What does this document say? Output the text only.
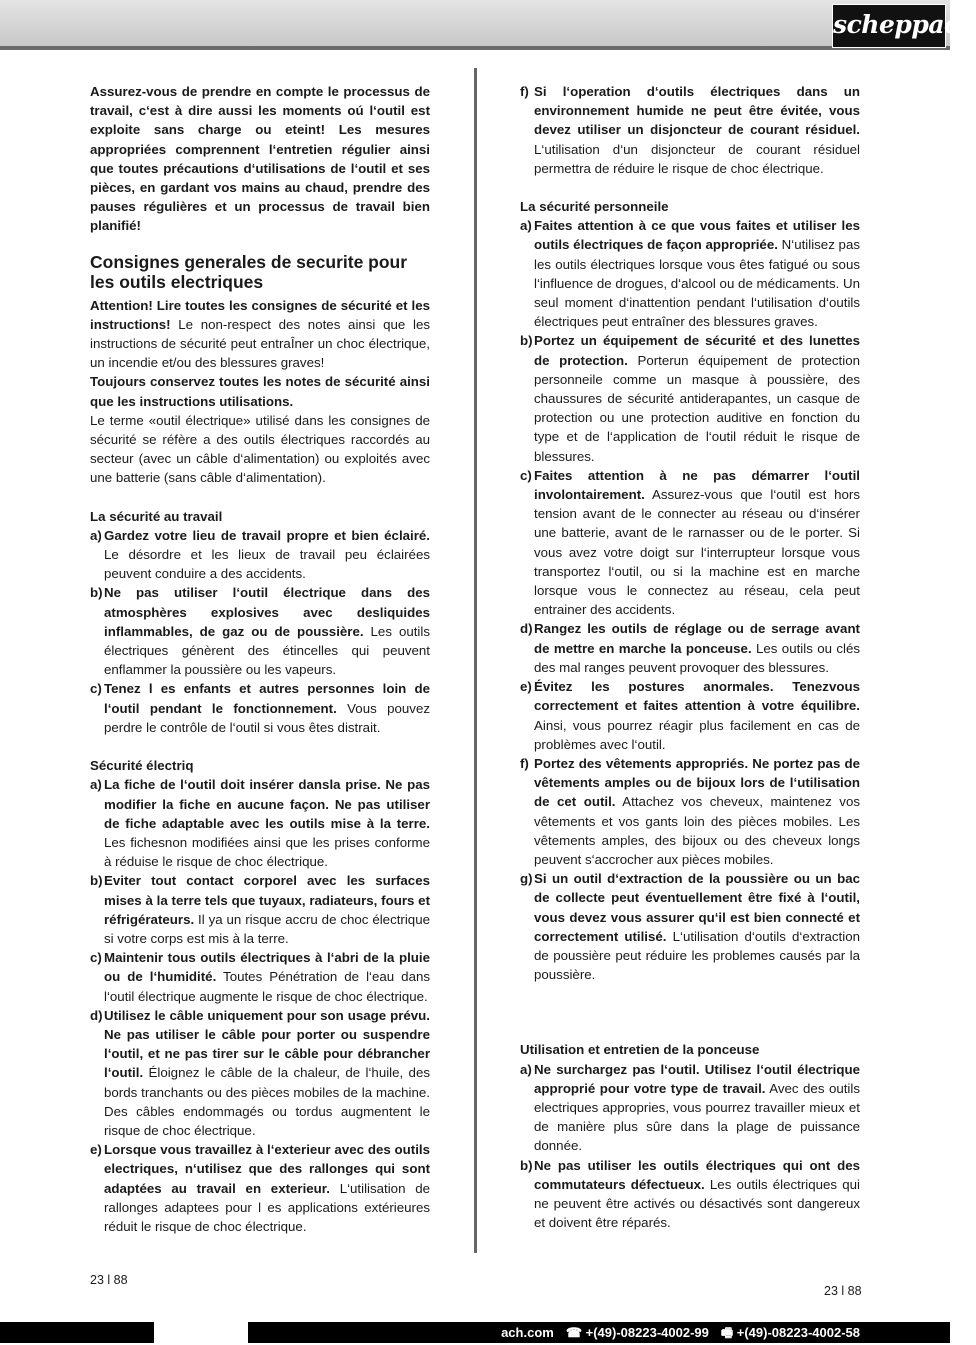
scheppach

Assurez-vous de prendre en compte le processus de travail, c‘est à dire aussi les moments oú l‘outil est exploite sans charge ou eteint! Les mesures appropriées comprennent l‘entretien régulier ainsi que toutes précautions d‘utilisations de l‘outil et ses pièces, en gardant vos mains au chaud, prendre des pauses régulières et un processus de travail bien planifié!

Consignes generales de securite pour les outils electriques

Attention! Lire toutes les consignes de sécurité et les instructions! Le non-respect des notes ainsi que les instructions de sécurité peut entraÎner un choc électrique, un incendie et/ou des blessures graves!

Toujours conservez toutes les notes de sécurité ainsi que les instructions utilisations.

Le terme «outil électrique» utilisé dans les consignes de sécurité se réfère a des outils électriques raccordés au secteur (avec un câble d‘alimentation) ou exploités avec une batterie (sans câble d‘alimentation).

La sécurité au travail
a) Gardez votre lieu de travail propre et bien éclairé. Le désordre et les lieux de travail peu éclairées peuvent conduire a des accidents.
b) Ne pas utiliser l‘outil électrique dans des atmosphères explosives avec desliquides inflammables, de gaz ou de poussière. Les outils électriques génèrent des étincelles qui peuvent enflammer la poussière ou les vapeurs.
c) Tenez l es enfants et autres personnes loin de l‘outil pendant le fonctionnement. Vous pouvez perdre le contrôle de l‘outil si vous êtes distrait.
Sécurité électriq
a) La fiche de l‘outil doit insérer dansla prise. Ne pas modifier la fiche en aucune façon. Ne pas utiliser de fiche adaptable avec les outils mise à la terre. Les fichesnon modifiées ainsi que les prises conforme à réduise le risque de choc électrique.
b) Eviter tout contact corporel avec les surfaces mises à la terre tels que tuyaux, radiateurs, fours et réfrigérateurs. Il ya un risque accru de choc électrique si votre corps est mis à la terre.
c) Maintenir tous outils électriques à l‘abri de la pluie ou de l‘humidité. Toutes Pénétration de l‘eau dans l‘outil électrique augmente le risque de choc électrique.
d) Utilisez le câble uniquement pour son usage prévu. Ne pas utiliser le câble pour porter ou suspendre l‘outil, et ne pas tirer sur le câble pour débrancher l‘outil. Éloignez le câble de la chaleur, de l‘huile, des bords tranchants ou des pièces mobiles de la machine. Des câbles endommagés ou tordus augmentent le risque de choc électrique.
e) Lorsque vous travaillez à l‘exterieur avec des outils electriques, n‘utilisez que des rallonges qui sont adaptées au travail en exterieur. L‘utilisation de rallonges adaptees pour l es applications extérieures réduit le risque de choc électrique.
f) Si l‘operation d‘outils électriques dans un environnement humide ne peut être évitée, vous devez utiliser un disjoncteur de courant résiduel. L‘utilisation d‘un disjoncteur de courant résiduel permettra de réduire le risque de choc électrique.
La sécurité personneile
a) Faites attention à ce que vous faites et utiliser les outils électriques de façon appropriée. N‘utilisez pas les outils électriques lorsque vous êtes fatigué ou sous l‘influence de drogues, d‘alcool ou de médicaments. Un seul moment d‘inattention pendant l‘utilisation d‘outils électriques peut entraîner des blessures graves.
b) Portez un équipement de sécurité et des lunettes de protection. Porterun équipement de protection personneile comme un masque à poussière, des chaussures de sécurité antiderapantes, un casque de protection ou une protection auditive en fonction du type et de l‘application de l‘outil réduit le risque de blessures.
c) Faites attention à ne pas démarrer l‘outil involontairement. Assurez-vous que l‘outil est hors tension avant de le connecter au réseau ou d‘insérer une batterie, avant de le rarnasser ou de le porter. Si vous avez votre doigt sur l‘interrupteur lorsque vous transportez l‘outil, ou si la machine est en marche lorsque vous le connectez au réseau, cela peut entrainer des accidents.
d) Rangez les outils de réglage ou de serrage avant de mettre en marche la ponceuse. Les outils ou clés des mal ranges peuvent provoquer des blessures.
e) Évitez les postures anormales. Tenezvous correctement et faites attention à votre équilibre. Ainsi, vous pourrez réagir plus facilement en cas de problèmes avec l‘outil.
f) Portez des vêtements appropriés. Ne portez pas de vêtements amples ou de bijoux lors de l‘utilisation de cet outil. Attachez vos cheveux, maintenez vos vêtements et vos gants loin des pièces mobiles. Les vêtements amples, des bijoux ou des cheveux longs peuvent s‘accrocher aux pièces mobiles.
g) Si un outil d‘extraction de la poussière ou un bac de collecte peut éventuellement être fixé à l‘outil, vous devez vous assurer qu‘il est bien connecté et correctement utilisé. L‘utilisation d‘outils d‘extraction de poussière peut réduire les problemes causés par la poussière.
Utilisation et entretien de la ponceuse
a) Ne surchargez pas l‘outil. Utilisez l‘outil électrique approprié pour votre type de travail. Avec des outils electriques appropries, vous pourrez travailler mieux et de manière plus sûre dans la plage de puissance donnée.
b) Ne pas utiliser les outils électriques qui ont des commutateurs défectueux. Les outils électriques qui ne peuvent être activés ou désactivés sont dangereux et doivent être réparés.
23 l 88
23 l 88
ach.com ☎ +(49)-08223-4002-99 🖷 +(49)-08223-4002-58
